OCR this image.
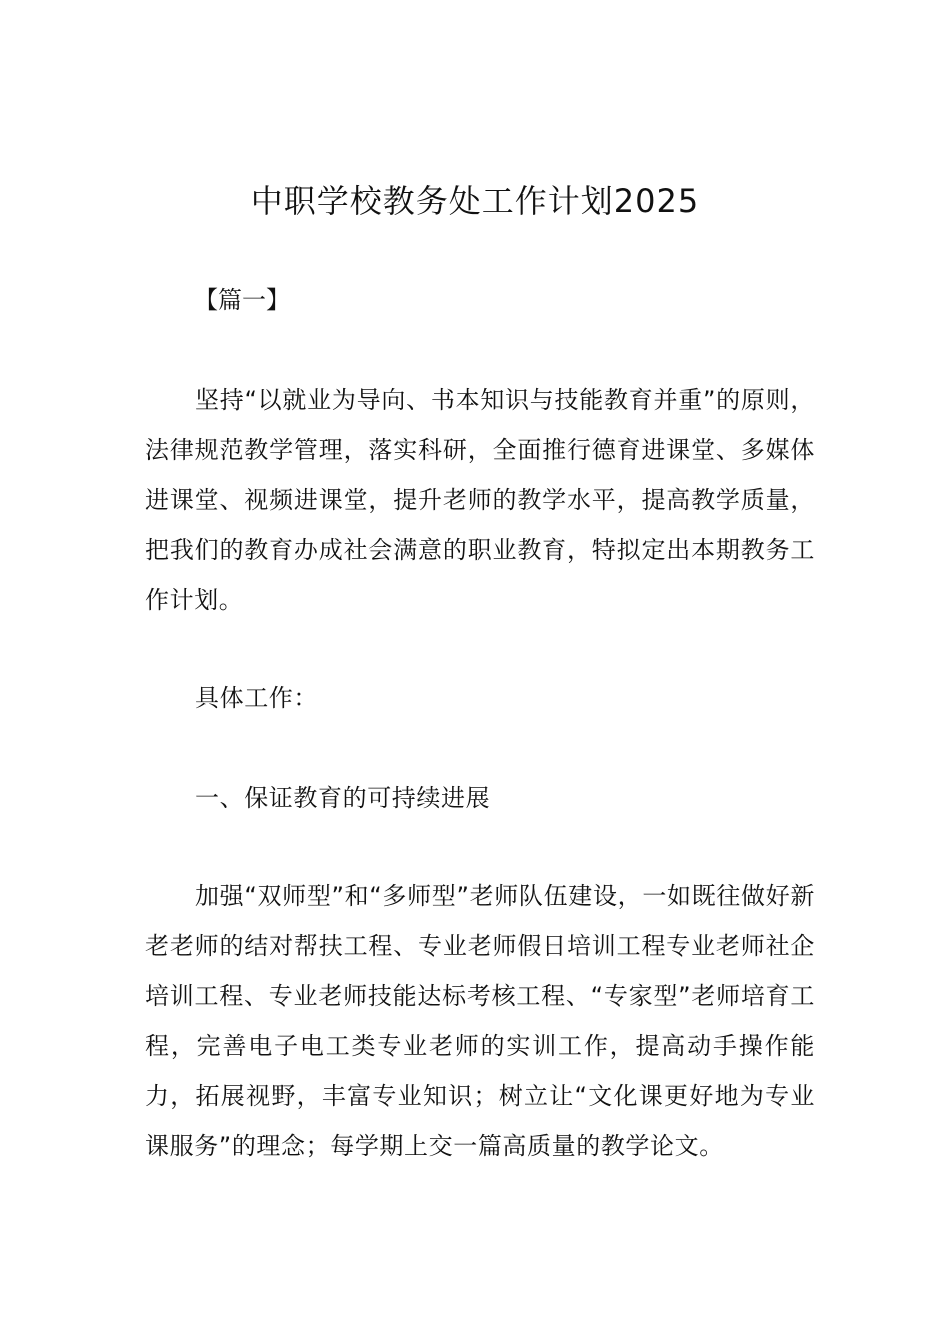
中职学校教务处工作计划2025
【篇一】
坚持“以就业为导向、书本知识与技能教育并重”的原则，法律规范教学管理，落实科研，全面推行德育进课堂、多媒体进课堂、视频进课堂，提升老师的教学水平，提高教学质量，把我们的教育办成社会满意的职业教育，特拟定出本期教务工作计划。
具体工作：
一、保证教育的可持续进展
加强“双师型”和“多师型”老师队伍建设，一如既往做好新老老师的结对帮扶工程、专业老师假日培训工程专业老师社企培训工程、专业老师技能达标考核工程、“专家型”老师培育工程，完善电子电工类专业老师的实训工作，提高动手操作能力，拓展视野，丰富专业知识；树立让“文化课更好地为专业课服务”的理念；每学期上交一篇高质量的教学论文。
